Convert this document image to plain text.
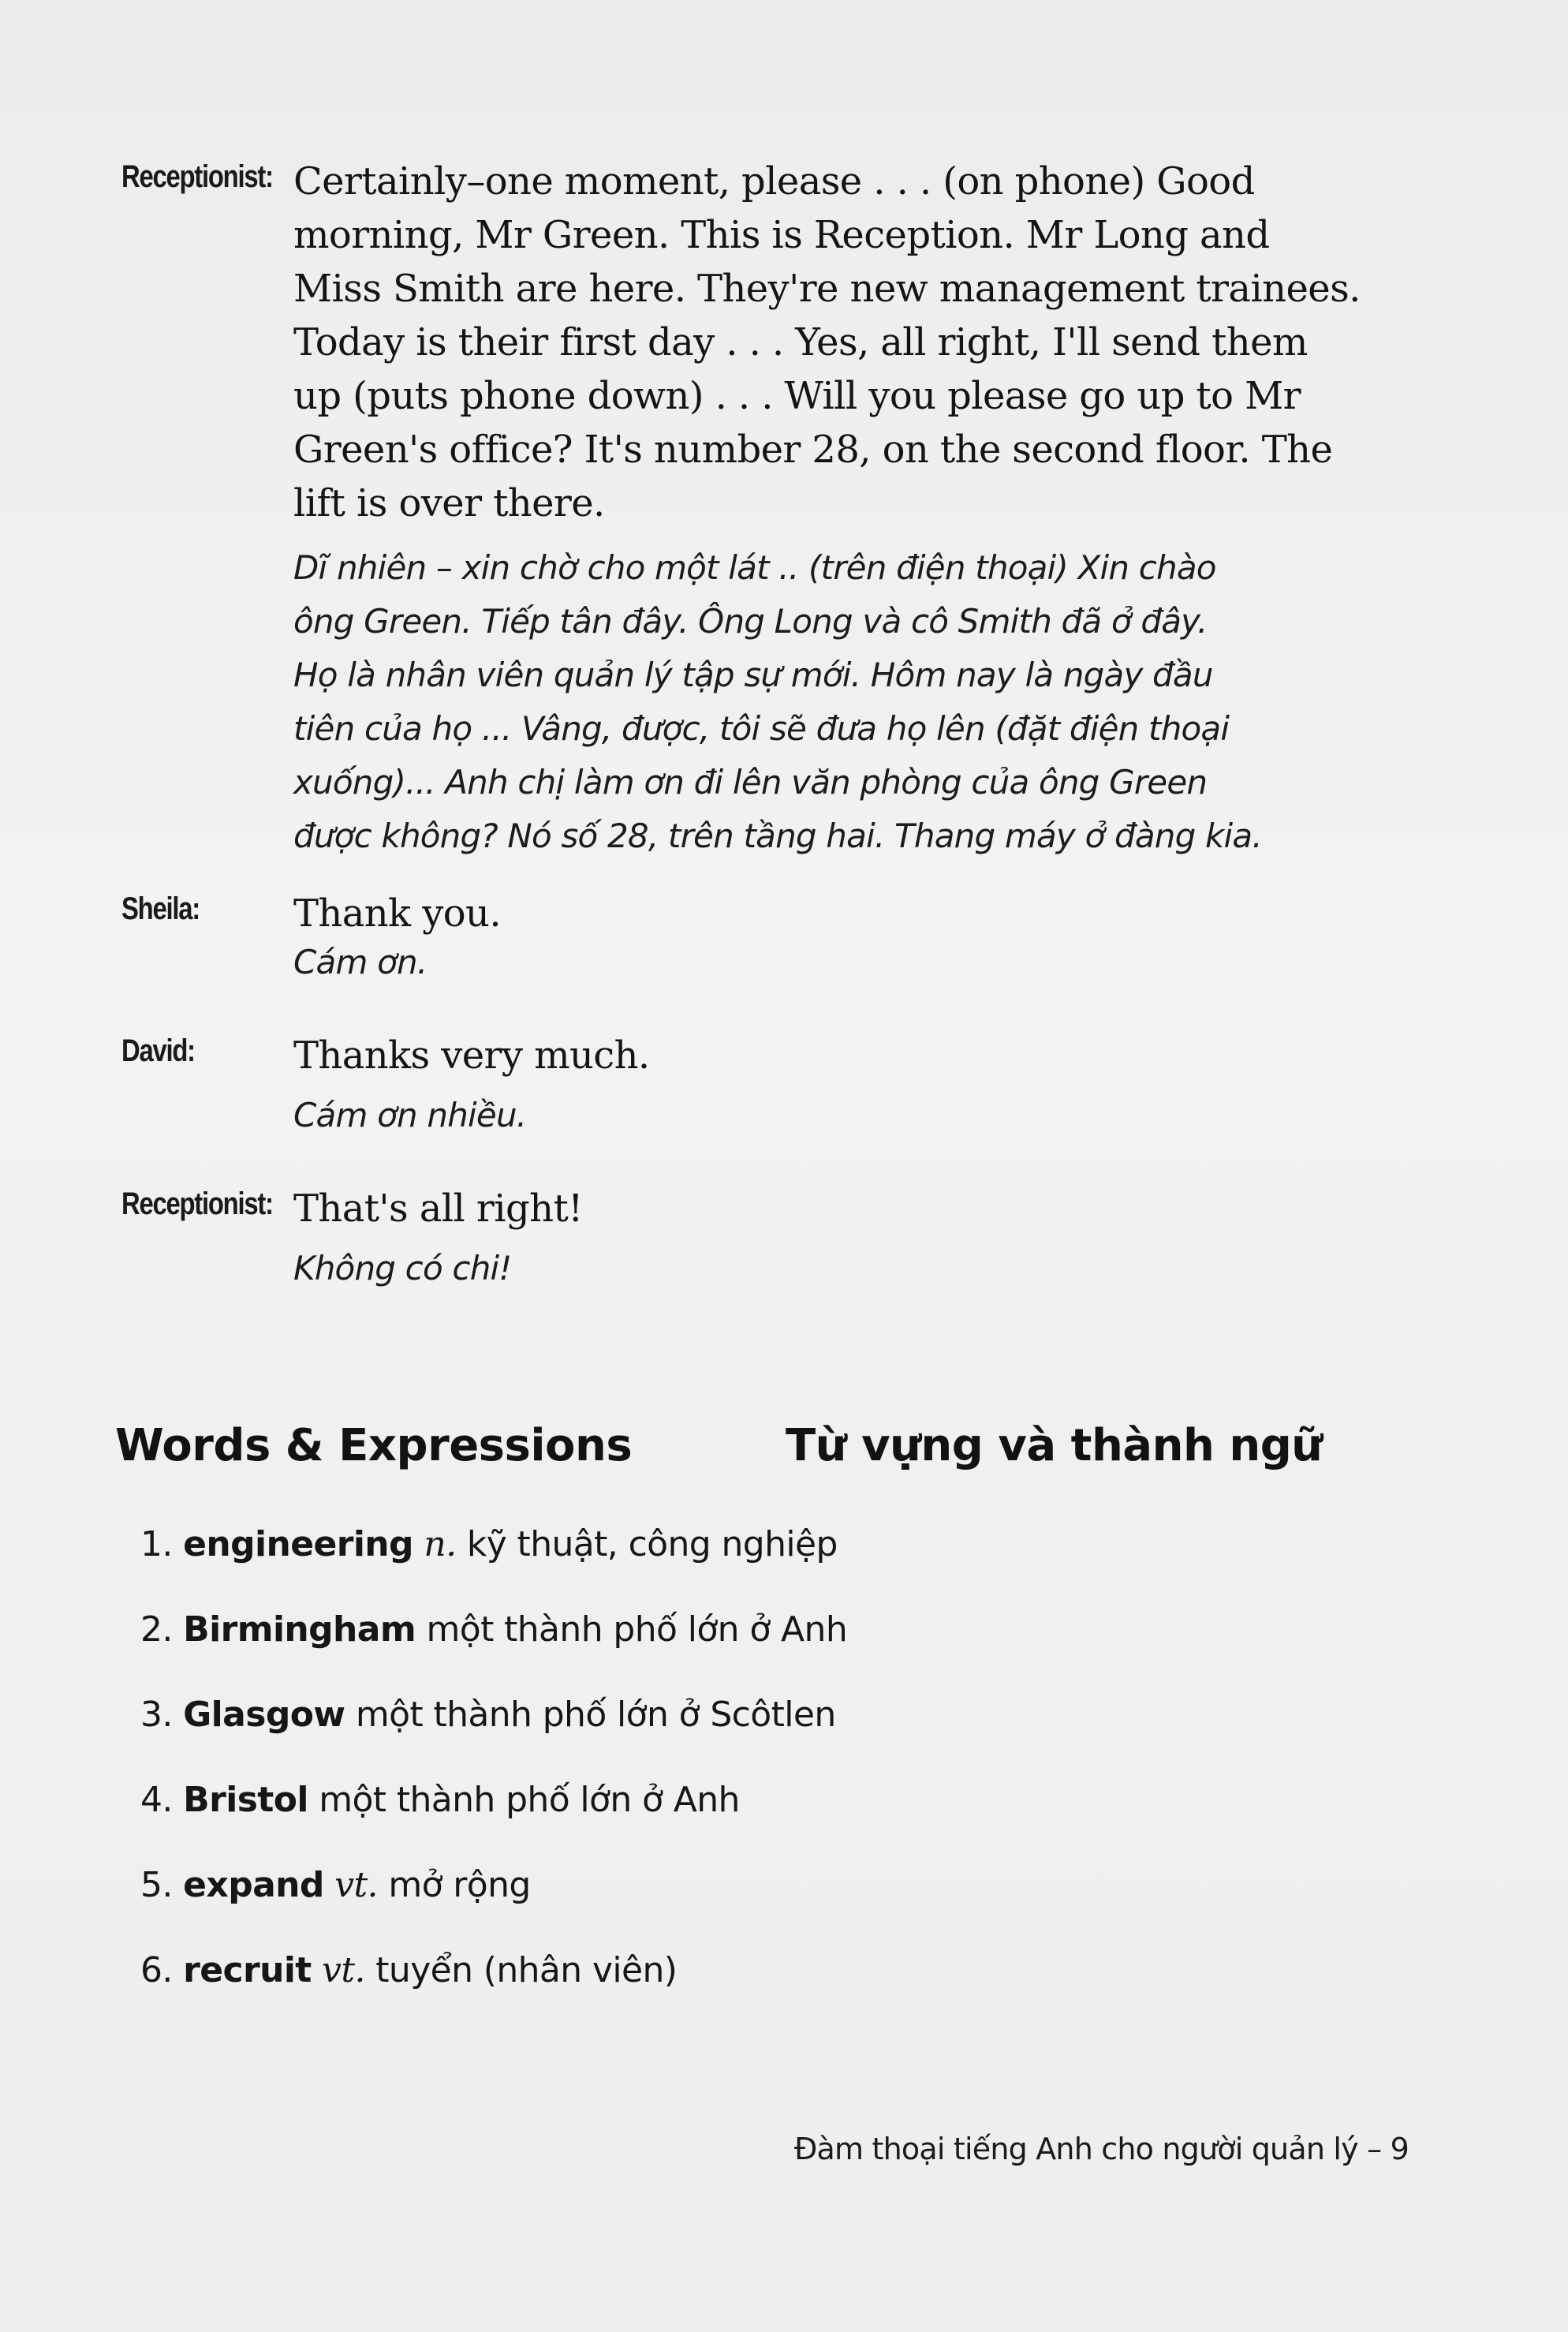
Receptionist: Certainly–one moment, please . . . (on phone) Good
morning, Mr Green. This is Reception. Mr Long and
Miss Smith are here. They're new management trainees.
Today is their first day . . . Yes, all right, I'll send them
up (puts phone down) . . . Will you please go up to Mr
Green's office? It's number 28, on the second floor. The
lift is over there.
Dĩ nhiên – xin chờ cho một lát .. (trên điện thoại) Xin chào
ông Green. Tiếp tân đây. Ông Long và cô Smith đã ở đây.
Họ là nhân viên quản lý tập sự mới. Hôm nay là ngày đầu
tiên của họ ... Vâng, được, tôi sẽ đưa họ lên (đặt điện thoại
xuống)... Anh chị làm ơn đi lên văn phòng của ông Green
được không? Nó số 28, trên tầng hai. Thang máy ở đàng kia.
Sheila: Thank you.
Cám ơn.
David:	Thanks very much.
Cám ơn nhiều.
Receptionist: That's all right!
Không có chi!
Words & Expressions	Từ vựng và thành ngữ
1. engineering n. kỹ thuật, công nghiệp
2. Birmingham một thành phố lớn ở Anh
3. Glasgow một thành phố lớn ở Scôtlen
4. Bristol một thành phố lớn ở Anh
5. expand vt. mở rộng
6. recruit vt. tuyển (nhân viên)
Đàm thoại tiếng Anh cho người quản lý – 9
